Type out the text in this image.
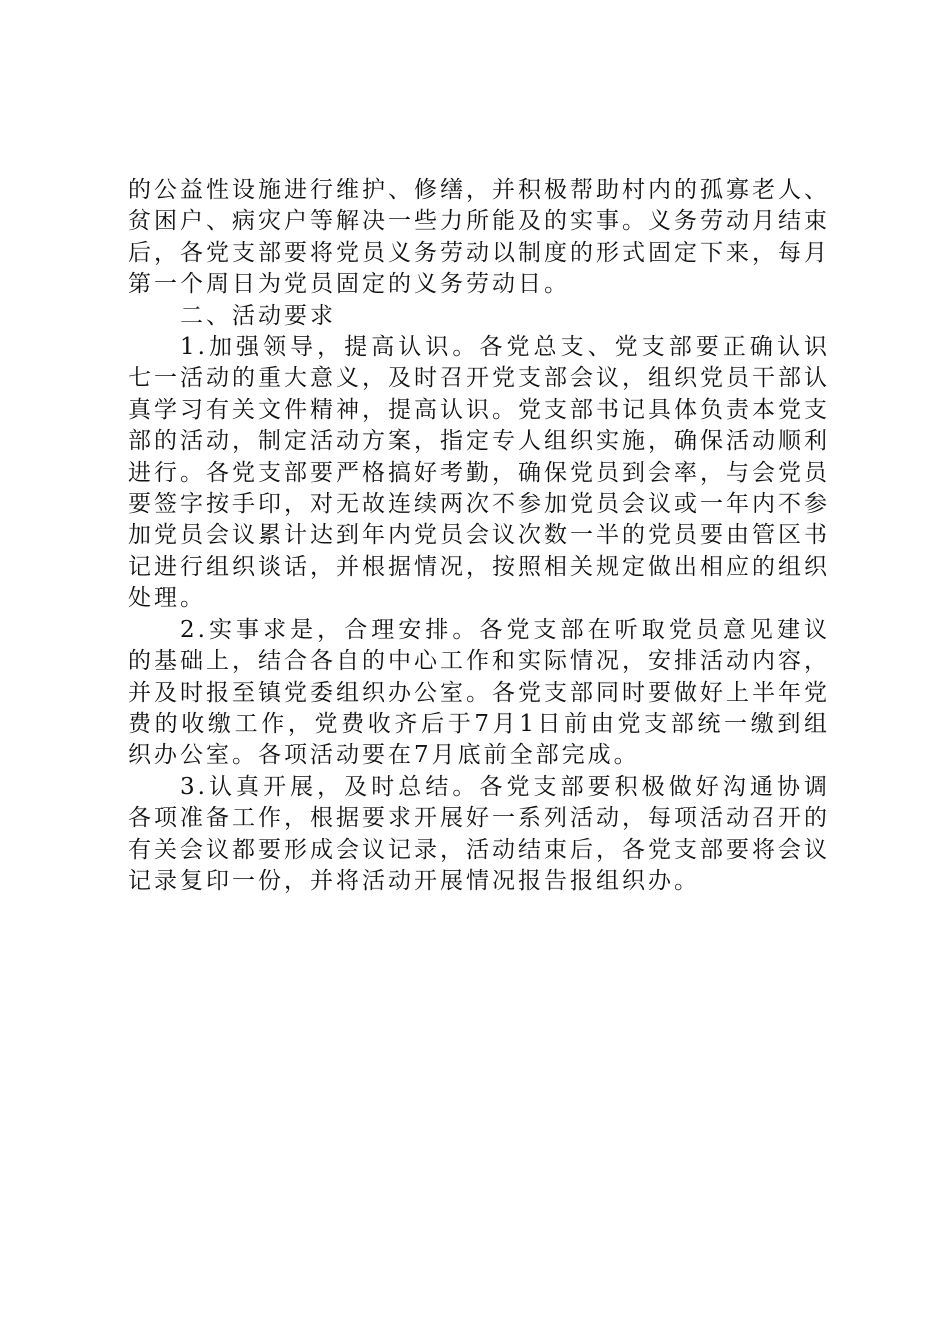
的公益性设施进行维护、修缮，并积极帮助村内的孤寡老人、贫困户、病灾户等解决一些力所能及的实事。义务劳动月结束后，各党支部要将党员义务劳动以制度的形式固定下来，每月第一个周日为党员固定的义务劳动日。

二、活动要求

1.加强领导，提高认识。各党总支、党支部要正确认识七一活动的重大意义，及时召开党支部会议，组织党员干部认真学习有关文件精神，提高认识。党支部书记具体负责本党支部的活动，制定活动方案，指定专人组织实施，确保活动顺利进行。各党支部要严格搞好考勤，确保党员到会率，与会党员要签字按手印，对无故连续两次不参加党员会议或一年内不参加党员会议累计达到年内党员会议次数一半的党员要由管区书记进行组织谈话，并根据情况，按照相关规定做出相应的组织处理。

2.实事求是，合理安排。各党支部在听取党员意见建议的基础上，结合各自的中心工作和实际情况，安排活动内容，并及时报至镇党委组织办公室。各党支部同时要做好上半年党费的收缴工作，党费收齐后于7月1日前由党支部统一缴到组织办公室。各项活动要在7月底前全部完成。

3.认真开展，及时总结。各党支部要积极做好沟通协调各项准备工作，根据要求开展好一系列活动，每项活动召开的有关会议都要形成会议记录，活动结束后，各党支部要将会议记录复印一份，并将活动开展情况报告报组织办。
